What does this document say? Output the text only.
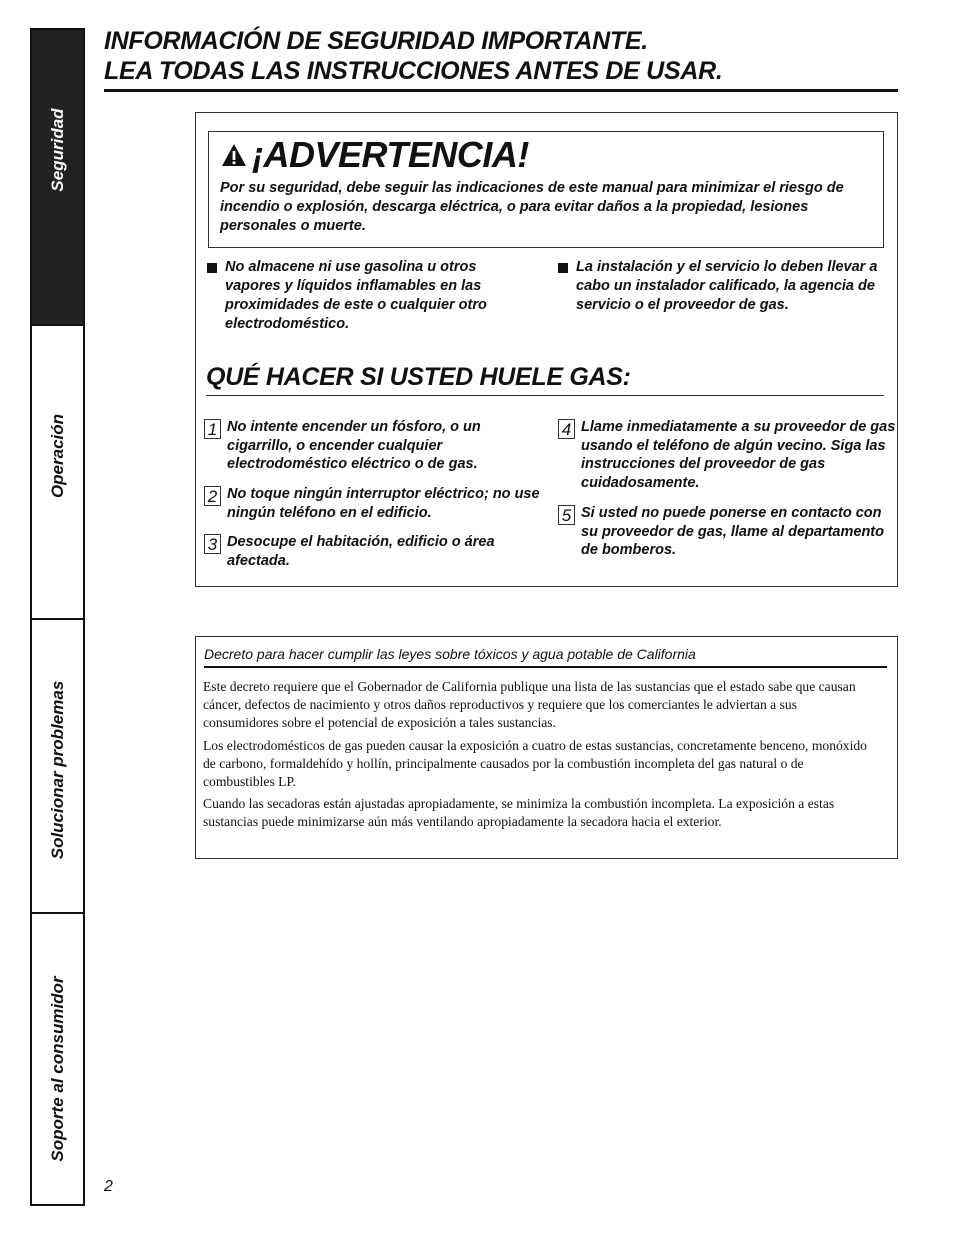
Seguridad
Operación
Solucionar problemas
Soporte al consumidor
INFORMACIÓN DE SEGURIDAD IMPORTANTE.
LEA TODAS LAS INSTRUCCIONES ANTES DE USAR.
¡ADVERTENCIA!
Por su seguridad, debe seguir las indicaciones de este manual para minimizar el riesgo de incendio o explosión, descarga eléctrica, o para evitar daños a la propiedad, lesiones personales o muerte.
No almacene ni use gasolina u otros vapores y líquidos inflamables en las proximidades de este o cualquier otro electrodoméstico.
La instalación y el servicio lo deben llevar a cabo un instalador calificado, la agencia de servicio o el proveedor de gas.
QUÉ HACER SI USTED HUELE GAS:
1 No intente encender un fósforo, o un cigarrillo, o encender cualquier electrodoméstico eléctrico o de gas.
2 No toque ningún interruptor eléctrico; no use ningún teléfono en el edificio.
3 Desocupe el habitación, edificio o área afectada.
4 Llame inmediatamente a su proveedor de gas usando el teléfono de algún vecino. Siga las instrucciones del proveedor de gas cuidadosamente.
5 Si usted no puede ponerse en contacto con su proveedor de gas, llame al departamento de bomberos.
Decreto para hacer cumplir las leyes sobre tóxicos y agua potable de California
Este decreto requiere que el Gobernador de California publique una lista de las sustancias que el estado sabe que causan cáncer, defectos de nacimiento y otros daños reproductivos y requiere que los comerciantes le adviertan a sus consumidores sobre el potencial de exposición a tales sustancias.
Los electrodomésticos de gas pueden causar la exposición a cuatro de estas sustancias, concretamente benceno, monóxido de carbono, formaldehído y hollín, principalmente causados por la combustión incompleta del gas natural o de combustibles LP.
Cuando las secadoras están ajustadas apropiadamente, se minimiza la combustión incompleta. La exposición a estas sustancias puede minimizarse aún más ventilando apropiadamente la secadora hacia el exterior.
2
